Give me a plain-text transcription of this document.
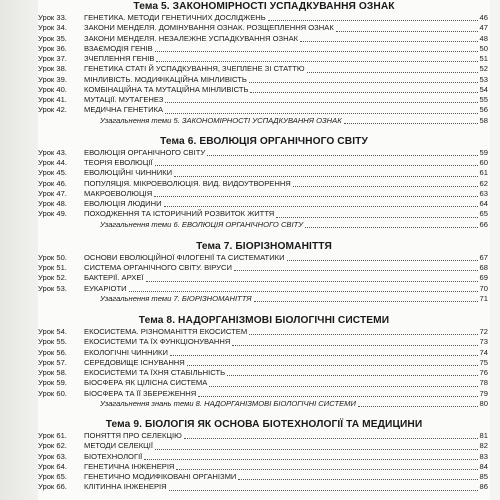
Тема 5. ЗАКОНОМІРНОСТІ УСПАДКУВАННЯ ОЗНАК
Урок 33.	ГЕНЕТИКА. МЕТОДИ ГЕНЕТИЧНИХ ДОСЛІДЖЕНЬ	46
Урок 34.	ЗАКОНИ МЕНДЕЛЯ. ДОМІНУВАННЯ ОЗНАК. РОЗЩЕПЛЕННЯ ОЗНАК	47
Урок 35.	ЗАКОНИ МЕНДЕЛЯ. НЕЗАЛЕЖНЕ УСПАДКУВАННЯ ОЗНАК	48
Урок 36.	ВЗАЄМОДІЯ ГЕНІВ	50
Урок 37.	ЗЧЕПЛЕННЯ ГЕНІВ	51
Урок 38.	ГЕНЕТИКА СТАТІ Й УСПАДКУВАННЯ, ЗЧЕПЛЕНЕ ЗІ СТАТТЮ	52
Урок 39.	МІНЛИВІСТЬ. МОДИФІКАЦІЙНА МІНЛИВІСТЬ	53
Урок 40.	КОМБІНАЦІЙНА ТА МУТАЦІЙНА МІНЛИВІСТЬ	54
Урок 41.	МУТАЦІЇ. МУТАГЕНЕЗ	55
Урок 42.	МЕДИЧНА ГЕНЕТИКА	56
Узагальнення теми 5. ЗАКОНОМІРНОСТІ УСПАДКУВАННЯ ОЗНАК	58
Тема 6. ЕВОЛЮЦІЯ ОРГАНІЧНОГО СВІТУ
Урок 43.	ЕВОЛЮЦІЯ ОРГАНІЧНОГО СВІТУ	59
Урок 44.	ТЕОРІЯ ЕВОЛЮЦІЇ	60
Урок 45.	ЕВОЛЮЦІЙНІ ЧИННИКИ	61
Урок 46.	ПОПУЛЯЦІЯ. МІКРОЕВОЛЮЦІЯ. ВИД. ВИДОУТВОРЕННЯ	62
Урок 47.	МАКРОЕВОЛЮЦІЯ	63
Урок 48.	ЕВОЛЮЦІЯ ЛЮДИНИ	64
Урок 49.	ПОХОДЖЕННЯ ТА ІСТОРИЧНИЙ РОЗВИТОК ЖИТТЯ	65
Узагальнення теми 6. ЕВОЛЮЦІЯ ОРГАНІЧНОГО СВІТУ	66
Тема 7. БІОРІЗНОМАНІТТЯ
Урок 50.	ОСНОВИ ЕВОЛЮЦІЙНОЇ ФІЛОГЕНІЇ ТА СИСТЕМАТИКИ	67
Урок 51.	СИСТЕМА ОРГАНІЧНОГО СВІТУ. ВІРУСИ	68
Урок 52.	БАКТЕРІЇ. АРХЕЇ	69
Урок 53.	ЕУКАРІОТИ	70
Узагальнення теми 7. БІОРІЗНОМАНІТТЯ	71
Тема 8. НАДОРГАНІЗМОВІ БІОЛОГІЧНІ СИСТЕМИ
Урок 54.	ЕКОСИСТЕМА. РІЗНОМАНІТТЯ ЕКОСИСТЕМ	72
Урок 55.	ЕКОСИСТЕМИ ТА ЇХ ФУНКЦІОНУВАННЯ	73
Урок 56.	ЕКОЛОГІЧНІ ЧИННИКИ	74
Урок 57.	СЕРЕДОВИЩЕ ІСНУВАННЯ	75
Урок 58.	ЕКОСИСТЕМИ ТА ЇХНЯ СТАБІЛЬНІСТЬ	76
Урок 59.	БІОСФЕРА ЯК ЦІЛІСНА СИСТЕМА	78
Урок 60.	БІОСФЕРА ТА ЇЇ ЗБЕРЕЖЕННЯ	79
Узагальнення знань теми 8. НАДОРГАНІЗМОВІ БІОЛОГІЧНІ СИСТЕМИ	80
Тема 9. БІОЛОГІЯ ЯК ОСНОВА БІОТЕХНОЛОГІЇ ТА МЕДИЦИНИ
Урок 61.	ПОНЯТТЯ ПРО СЕЛЕКЦІЮ	81
Урок 62.	МЕТОДИ СЕЛЕКЦІЇ	82
Урок 63.	БІОТЕХНОЛОГІЇ	83
Урок 64.	ГЕНЕТИЧНА ІНЖЕНЕРІЯ	84
Урок 65.	ГЕНЕТИЧНО МОДИФІКОВАНІ ОРГАНІЗМИ	85
Урок 66.	КЛІТИННА ІНЖЕНЕРІЯ	86
